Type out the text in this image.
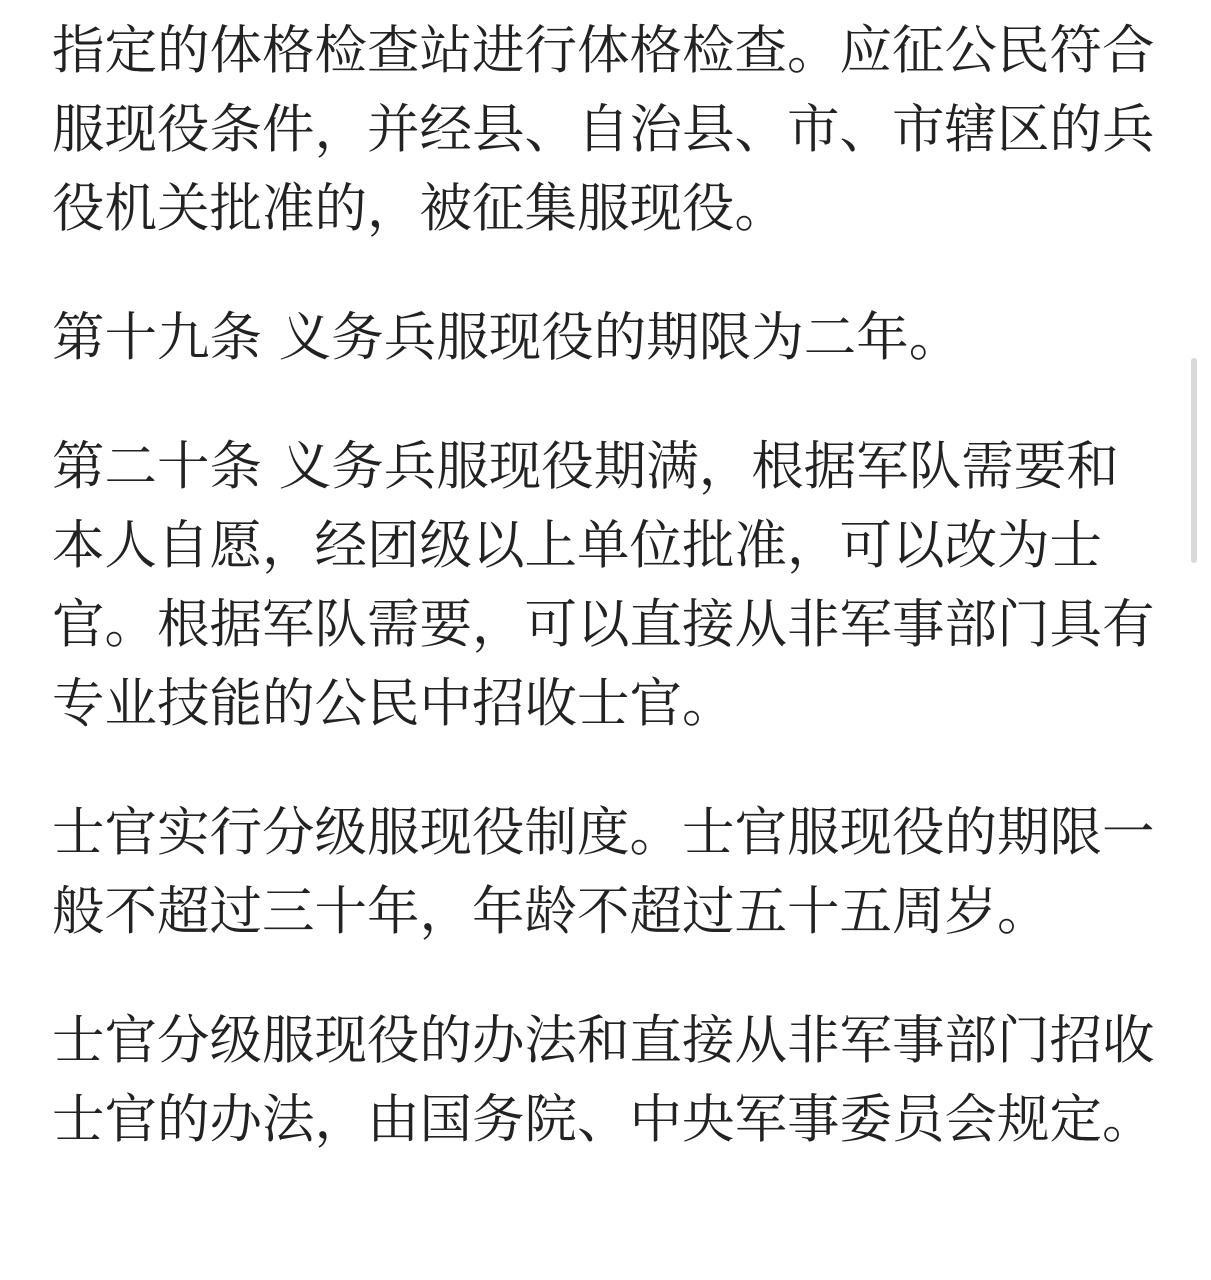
指定的体格检查站进行体格检查。应征公民符合
服现役条件，并经县、自治县、市、市辖区的兵
役机关批准的，被征集服现役。

第十九条 义务兵服现役的期限为二年。

第二十条 义务兵服现役期满，根据军队需要和
本人自愿，经团级以上单位批准，可以改为士
官。根据军队需要，可以直接从非军事部门具有
专业技能的公民中招收士官。

士官实行分级服现役制度。士官服现役的期限一
般不超过三十年，年龄不超过五十五周岁。

士官分级服现役的办法和直接从非军事部门招收
士官的办法，由国务院、中央军事委员会规定。
